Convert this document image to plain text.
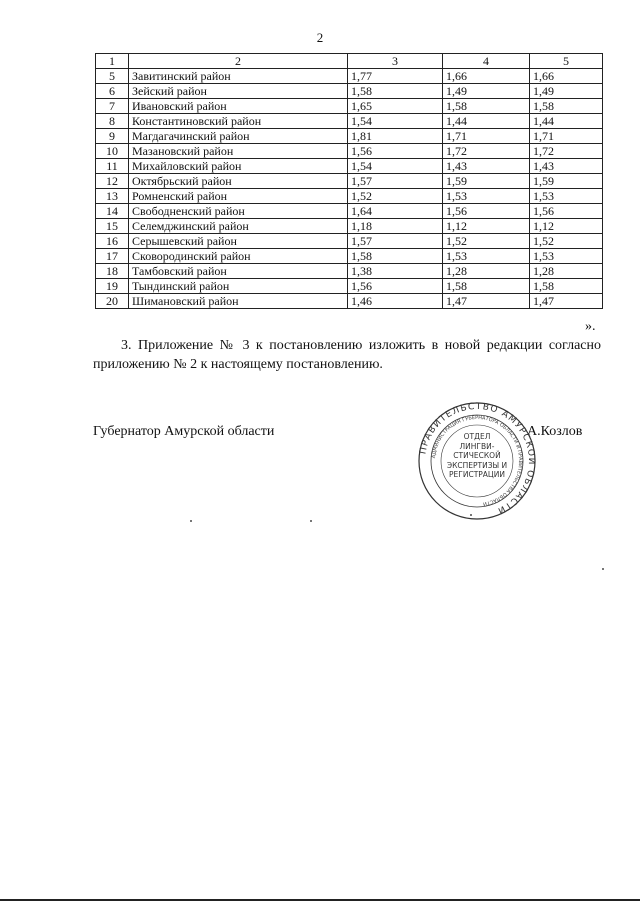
2
1	2	3	4	5
5	Завитинский район	1,77	1,66	1,66
6	Зейский район	1,58	1,49	1,49
7	Ивановский район	1,65	1,58	1,58
8	Константиновский район	1,54	1,44	1,44
9	Магдагачинский район	1,81	1,71	1,71
10	Мазановский район	1,56	1,72	1,72
11	Михайловский район	1,54	1,43	1,43
12	Октябрьский район	1,57	1,59	1,59
13	Ромненский район	1,52	1,53	1,53
14	Свободненский район	1,64	1,56	1,56
15	Селемджинский район	1,18	1,12	1,12
16	Серышевский район	1,57	1,52	1,52
17	Сковородинский район	1,58	1,53	1,53
18	Тамбовский район	1,38	1,28	1,28
19	Тындинский район	1,56	1,58	1,58
20	Шимановский район	1,46	1,47	1,47
».
3. Приложение № 3 к постановлению изложить в новой редакции согласно приложению № 2 к настоящему постановлению.
Губернатор Амурской области	А.Козлов
ПРАВИТЕЛЬСТВО АМУРСКОЙ ОБЛАСТИ
АДМИНИСТРАЦИЯ ГУБЕРНАТОРА ОБЛАСТИ И ПРАВИТЕЛЬСТВА ОБЛАСТИ
ОТДЕЛ
ЛИНГВИ-
СТИЧЕСКОЙ
ЭКСПЕРТИЗЫ И
РЕГИСТРАЦИИ
